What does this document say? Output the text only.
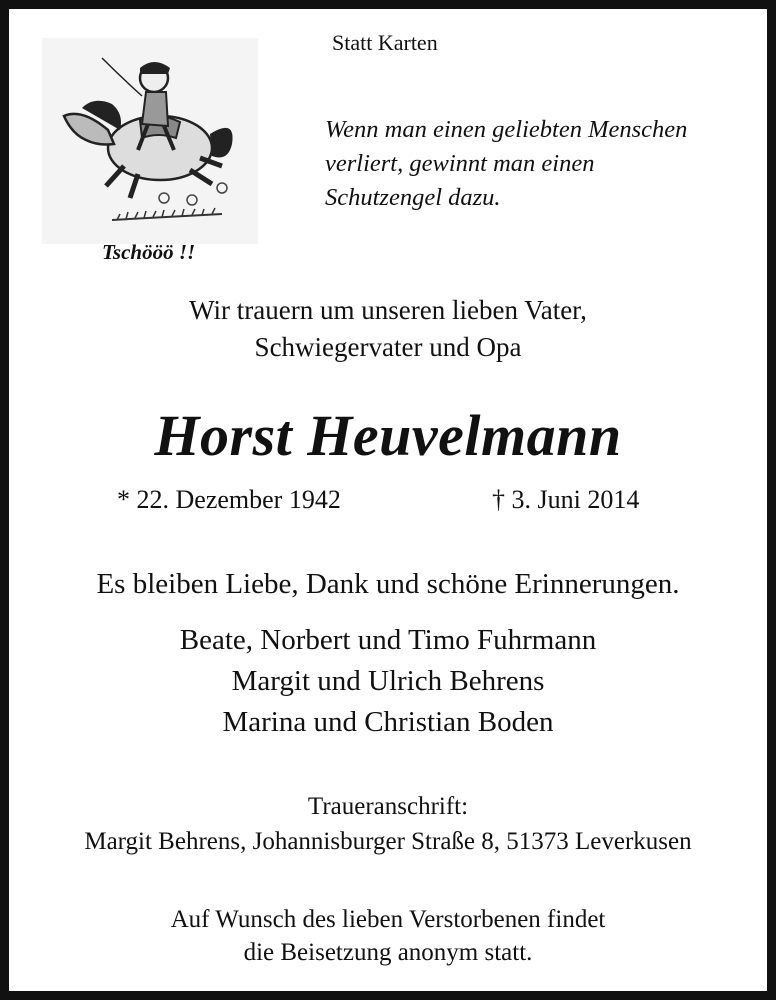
Statt Karten
Tschööö !!
Wenn man einen geliebten Menschen
verliert, gewinnt man einen
Schutzengel dazu.
Wir trauern um unseren lieben Vater,
Schwiegervater und Opa
Horst Heuvelmann
* 22. Dezember 1942	† 3. Juni 2014
Es bleiben Liebe, Dank und schöne Erinnerungen.
Beate, Norbert und Timo Fuhrmann
Margit und Ulrich Behrens
Marina und Christian Boden
Traueranschrift:
Margit Behrens, Johannisburger Straße 8, 51373 Leverkusen
Auf Wunsch des lieben Verstorbenen findet
die Beisetzung anonym statt.
